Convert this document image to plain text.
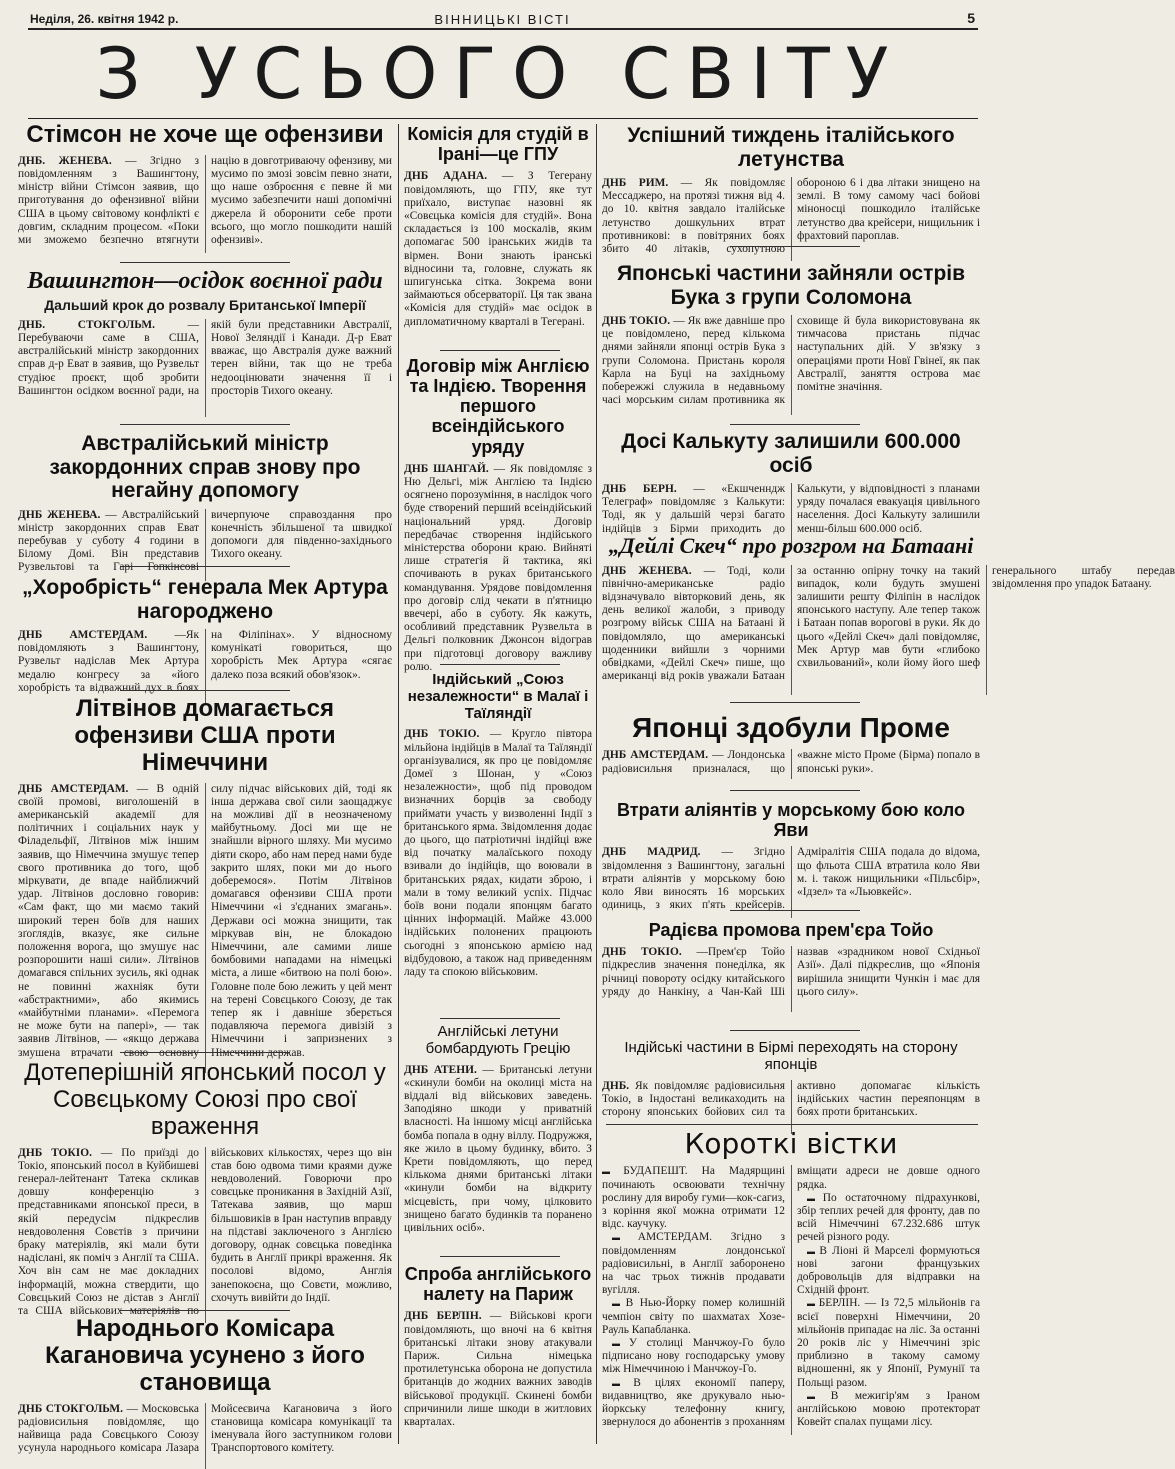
Неділя, 26. квітня 1942 р.	ВІННИЦЬКІ ВІСТІ	5
З УСЬОГО СВІТУ
Стімсон не хоче ще офензиви

ДНБ. ЖЕНЕВА. — Згідно з повідомленням з Вашингтону, міністр війни Стімсон заявив, що приготування до офензивної війни США в цьому світовому конфлікті є довгим, складним процесом. «Поки ми зможемо безпечно втягнути націю в довготриваючу офензиву, ми мусимо по змозі зовсім певно знати, що наше озброєння є певне й ми мусимо забезпечити наші допомічні джерела й оборонити себе проти всього, що могло пошкодити нашій офензиві».

Вашингтон—осідок воєнної ради
Дальший крок до розвалу Британської Імперії

ДНБ. СТОКГОЛЬМ.	— Перебуваючи саме в США, австралійський міністр закордонних справ д-р Еват в заявив, що Рузвельт студіює проєкт, щоб зробити Вашингтон осідком воєнної ради, на якій були представники Австралії, Нової Зеляндії і Канади. Д-р Еват вважає, що Австралія дуже важний терен війни, так що не треба недооцінювати значення її і просторів Тихого океану.

Австралійський міністр закордонних справ знову про негайну допомогу

ДНБ ЖЕНЕВА. — Австралійський міністр закордонних справ Еват перебував у суботу 4 години в Білому Домі. Він представив Рузвельтові та Гарі Гопкінсові вичерпуюче справоздання про конечність збільшеної та швидкої допомоги для південно-західнього Тихого океану.

„Хоробрість“ генерала Мек Артура нагороджено

ДНБ АМСТЕРДАМ. —Як повідомляють з Вашингтону, Рузвельт надіслав Мек Артура медалю конгресу за «його хоробрість та відважний дух в боях на Філіпінах». У відносному комунікаті говориться, що хоробрість Мек Артура «сягає далеко поза всякий обов'язок».

Літвінов домагається офензиви США проти Німеччини

ДНБ АМСТЕРДАМ. — В одній своїй промові, виголошеній в американській академії для політичних і соціальних наук у Філадельфії, Літвінов між іншим заявив, що Німеччина змушує тепер свого противника до того, щоб міркувати, де впаде найближчий удар. Літвінов дословно говорив: «Сам факт, що ми маємо такий широкий терен боїв для наших зґоглядів, вказує, яке сильне положення ворога, що змушує нас розпорошити наші сили». Літвінов домагався спільних зусиль, які однак не повинні жахніяк бути «абстрактними», або якимись «майбутніми планами». «Перемога не може бути на папері», — так заявив Літвінов, — «якщо держава змушена втрачати свою основну силу підчас військових дій, тоді як інша держава свої сили заощаджує на можливі дії в неозначеному майбутньому. Досі ми ще не знайшли вірного шляху. Ми мусимо діяти скоро, або нам перед нами буде закрито шлях, поки ми до нього доберемося». Потім Літвінов домагався офензиви США проти Німеччини «і з'єднаних змагань». Держави осі можна знищити, так міркував він, не блокадою Німеччини, але самими лише бомбовими нападами на німецькі міста, а лише «битвою на полі бою». Головне поле бою лежить у цей мент на терені Совєцького Союзу, де так тепер як і давніше зберється подавляюча перемога дивізій з Німеччини і запризнених з Німеччини держав.

Дотеперішній японський посол у Совєцькому Союзі про свої враження

ДНБ ТОКІО. — По приїзді до Токіо, японський посол в Куйбишеві генерал-лейтенант Татека скликав довшу конференцію з представниками японської преси, в якій передусім підкреслив невдоволення Совєтів з причини браку матеріялів, які мали бути надіслані, як поміч з Англії та США. Хоч він сам не має докладних інформацій, можна ствердити, що Совєцький Союз не дістав з Англії та США військових матеріялів по військових кількостях, через що він став бою одвома тими краями дуже невдоволений. Говорючи про совєцьке проникання в Західній Азії, Татекава заявив, що марш більшовиків в Іран наступив вправду на підставі заключеного з Англією договору, однак совєцька поведінка будить в Англії прикрі враження. Як посолові відомо, Англія занепокоєна, що Совєти, можливо, схочуть вивійти до Індії.

Народнього Комісара Кагановича усунено з його становища

ДНБ СТОКГОЛЬМ. — Московська радіовисильня повідомляє, що найвища рада Совєцького Союзу усунула народнього комісара Лазара Мойсеєвича Кагановича з його становища комісара комунікації та іменувала його заступником голови Транспортового комітету.

Комісія для студій в Ірані—це ГПУ

ДНБ АДАНА. — З Тегерану повідомляють, що ГПУ, яке тут приїхало, виступає назовні як «Совєцька комісія для студій». Вона складається із 100 москалів, яким допомагає 500 іранських жидів та вірмен. Вони знають іранські відносини та, головне, служать як шпигунська сітка. Зокрема вони займаються обсерваторії. Ця так звана «Комісія для студій» має осідок в дипломатичному кварталі в Тегерані.

Договір між Англією та Індією. Творення першого всеіндійського уряду

ДНБ ШАНГАЙ. — Як повідомляє з Ню Дельгі, між Англією та Індією осягнено порозуміння, в наслідок чого буде створений перший всеіндійський національний уряд. Договір передбачає створення індійського міністерства оборони краю. Вийняті лише стратегія й тактика, які спочивають в руках британського командування. Урядове повідомлення про договір слід чекати в п'ятницю ввечері, або в суботу. Як кажуть, особливий представник Рузвельта в Дельгі полковник Джонсон відограв при підготовці договору важливу ролю.

Індійський „Союз незалежности“ в Малаї і Таїляндії

ДНБ ТОКІО. — Кругло півтора мільйона індійців в Малаї та Таїляндії організувалися, як про це повідомляє Домеї з Шонан, у «Союз незалежности», щоб під проводом визначних борців за свободу приймати участь у визволенні Індії з британського ярма. Звідомлення додає до цього, що патріотичні індійці вже від початку малаїського походу взивали до індійців, що воювали в британських рядах, кидати зброю, і мали в тому великий успіх. Підчас боїв вони подали японцям багато цінних інформацій. Майже 43.000 індійських полонених працюють сьогодні з японською армією над відбудовою, а також над приведенням ладу та спокою військовим.

Англійські летуни бомбардують Грецію

ДНБ АТЕНИ. — Британські летуни «скинули бомби на околиці міста на віддалі від військових заведень. Заподіяно шкоди у приватній власності. На іншому місці англійська бомба попала в одну віллу. Подружжя, яке жило в цьому будинку, вбито. З Крети повідомляють, що перед кількома днями британські літаки «кинули бомби на відкриту місцевість, при чому, цілковито знищено багато будинків та поранено цивільних осіб».

Спроба англійського налету на Париж

ДНБ БЕРЛІН. — Військові кроги повідомляють, що вночі на 6 квітня британські літаки знову атакували Париж. Сильна німецька протилетунська оборона не допустила британців до жодних важних заводів військової продукції. Скинені бомби спричинили лише шкоди в житлових кварталах.

Успішний тиждень італійського летунства

ДНБ РИМ. — Як повідомляє Мессаджеро, на протязі тижня від 4. до 10. квітня завдало італійське летунство дошкульних втрат противникові: в повітряних боях збито 40 літаків, сухопутною обороною 6 і два літаки знищено на землі. В тому самому часі бойові міноносці пошкодило італійське летунство два крейсери, нищильник і фрахтовий пароплав.

Японські частини зайняли острів Бука з групи Соломона

ДНБ ТОКІО. — Як вже давніше про це повідомлено, перед кількома днями зайняли японці острів Бука з групи Соломона. Пристань короля Карла на Буці на західньому побережжі служила в недавньому часі морським силам противника як сховище й була використовувана як тимчасова пристань підчас наступальних дій. У зв'язку з операціями проти Новї Гвінеї, як пак Австралії, заняття острова має помітне значіння.

Досі Калькуту залишили 600.000 осіб

ДНБ БЕРН. — «Екшченндж Телеграф» повідомляє з Калькути: Тоді, як у дальшій черзі багато індійців з Бірми приходить до Калькути, у відповідності з планами уряду почалася евакуація цивільного населення. Досі Калькуту залишили менш-більш 600.000 осіб.

„Дейлі Скеч“ про розгром на Батаані

ДНБ ЖЕНЕВА. — Тоді, коли північно-американське радіо відзначувало вівторковий день, як день великої жалоби, з приводу розгрому військ США на Батаані й повідомляло, що американські щоденники вийшли з чорними обвідками, «Дейлі Скеч» пише, що американці від років уважали Батаан за останню опірну точку на такий випадок, коли будуть змушені залишити решту Філіпін в наслідок японського наступу. Але тепер також і Батаан попав ворогові в руки. Як до цього «Дейлі Скеч» далі повідомляє, Мек Артур мав бути «глибоко схвильований», коли йому його шеф генерального штабу передав звідомлення про упадок Батаану.

Японці здобули Проме

ДНБ АМСТЕРДАМ. — Лондонська радіовисильня призналася, що «важне місто Проме (Бірма) попало в японські руки».

Втрати аліянтів у морському бою коло Яви

ДНБ МАДРИД. — Згідно звідомлення з Вашингтону, загальні втрати аліянтів у морському бою коло Яви виносять 16 морських одиниць, з яких п'ять крейсерів. Адміралітія США подала до відома, що фльота США втратила коло Яви м. і. також нищильники «Пільсбір», «Ідзел» та «Льювкейс».

Радієва промова прем'єра Тойо

ДНБ ТОКІО. —Прем'єр Тойо підкреслив значення понеділка, як річниці повороту осідку китайського уряду до Нанкіну, а Чан-Кай Ші назвав «зрадником нової Східньої Азії». Далі підкреслив, що «Японія вирішила знищити Чункін і має для цього силу».

Індійські частини в Бірмі переходять на сторону японців

ДНБ. Як повідомляє радіовисильня Токіо, в Індостані великаходить на сторону японських бойових сил та активно допомагає кількість індійських частин переяпонцям в боях проти британських.

Короткі вістки

▬ БУДАПЕШТ. На Мадярщині починають освоювати технічну рослину для виробу гуми—кок-сагиз, з коріння якої можна отримати 12 відс. каучуку.

▬ АМСТЕРДАМ. Згідно з повідомленням лондонської радіовисильні, в Англії заборонено на час трьох тижнів продавати вугілля.

▬ В Нью-Йорку помер колишній чемпіон світу по шахматах Хозе-Рауль Капабланка.

▬ У столиці Манчжоу-Го було підписано нову господарську умову між Німеччиною і Манчжоу-Го.

▬ В цілях економії паперу, видавництво, яке друкувало нью-йоркську телефонну книгу, звернулося до абонентів з проханням вміщати адреси не довше одного рядка.

▬ По остаточному підрахункові, збір теплих речей для фронту, дав по всій Німеччині 67.232.686 штук речей різного роду.

▬ В Ліоні й Марселі формуються нові загони французьких добровольців для відправки на Східній фронт.

▬ БЕРЛІН. — Із 72,5 мільйонів га всієї поверхні Німеччини, 20 мільйонів припадає на ліс. За останні 20 років ліс у Німеччині зріс приблизно в такому самому відношенні, як у Японії, Румунії та Польщі разом.

▬ В межигір'ям з Іраном англійською мовою протекторат Ковейт спалах пущами лісу.
